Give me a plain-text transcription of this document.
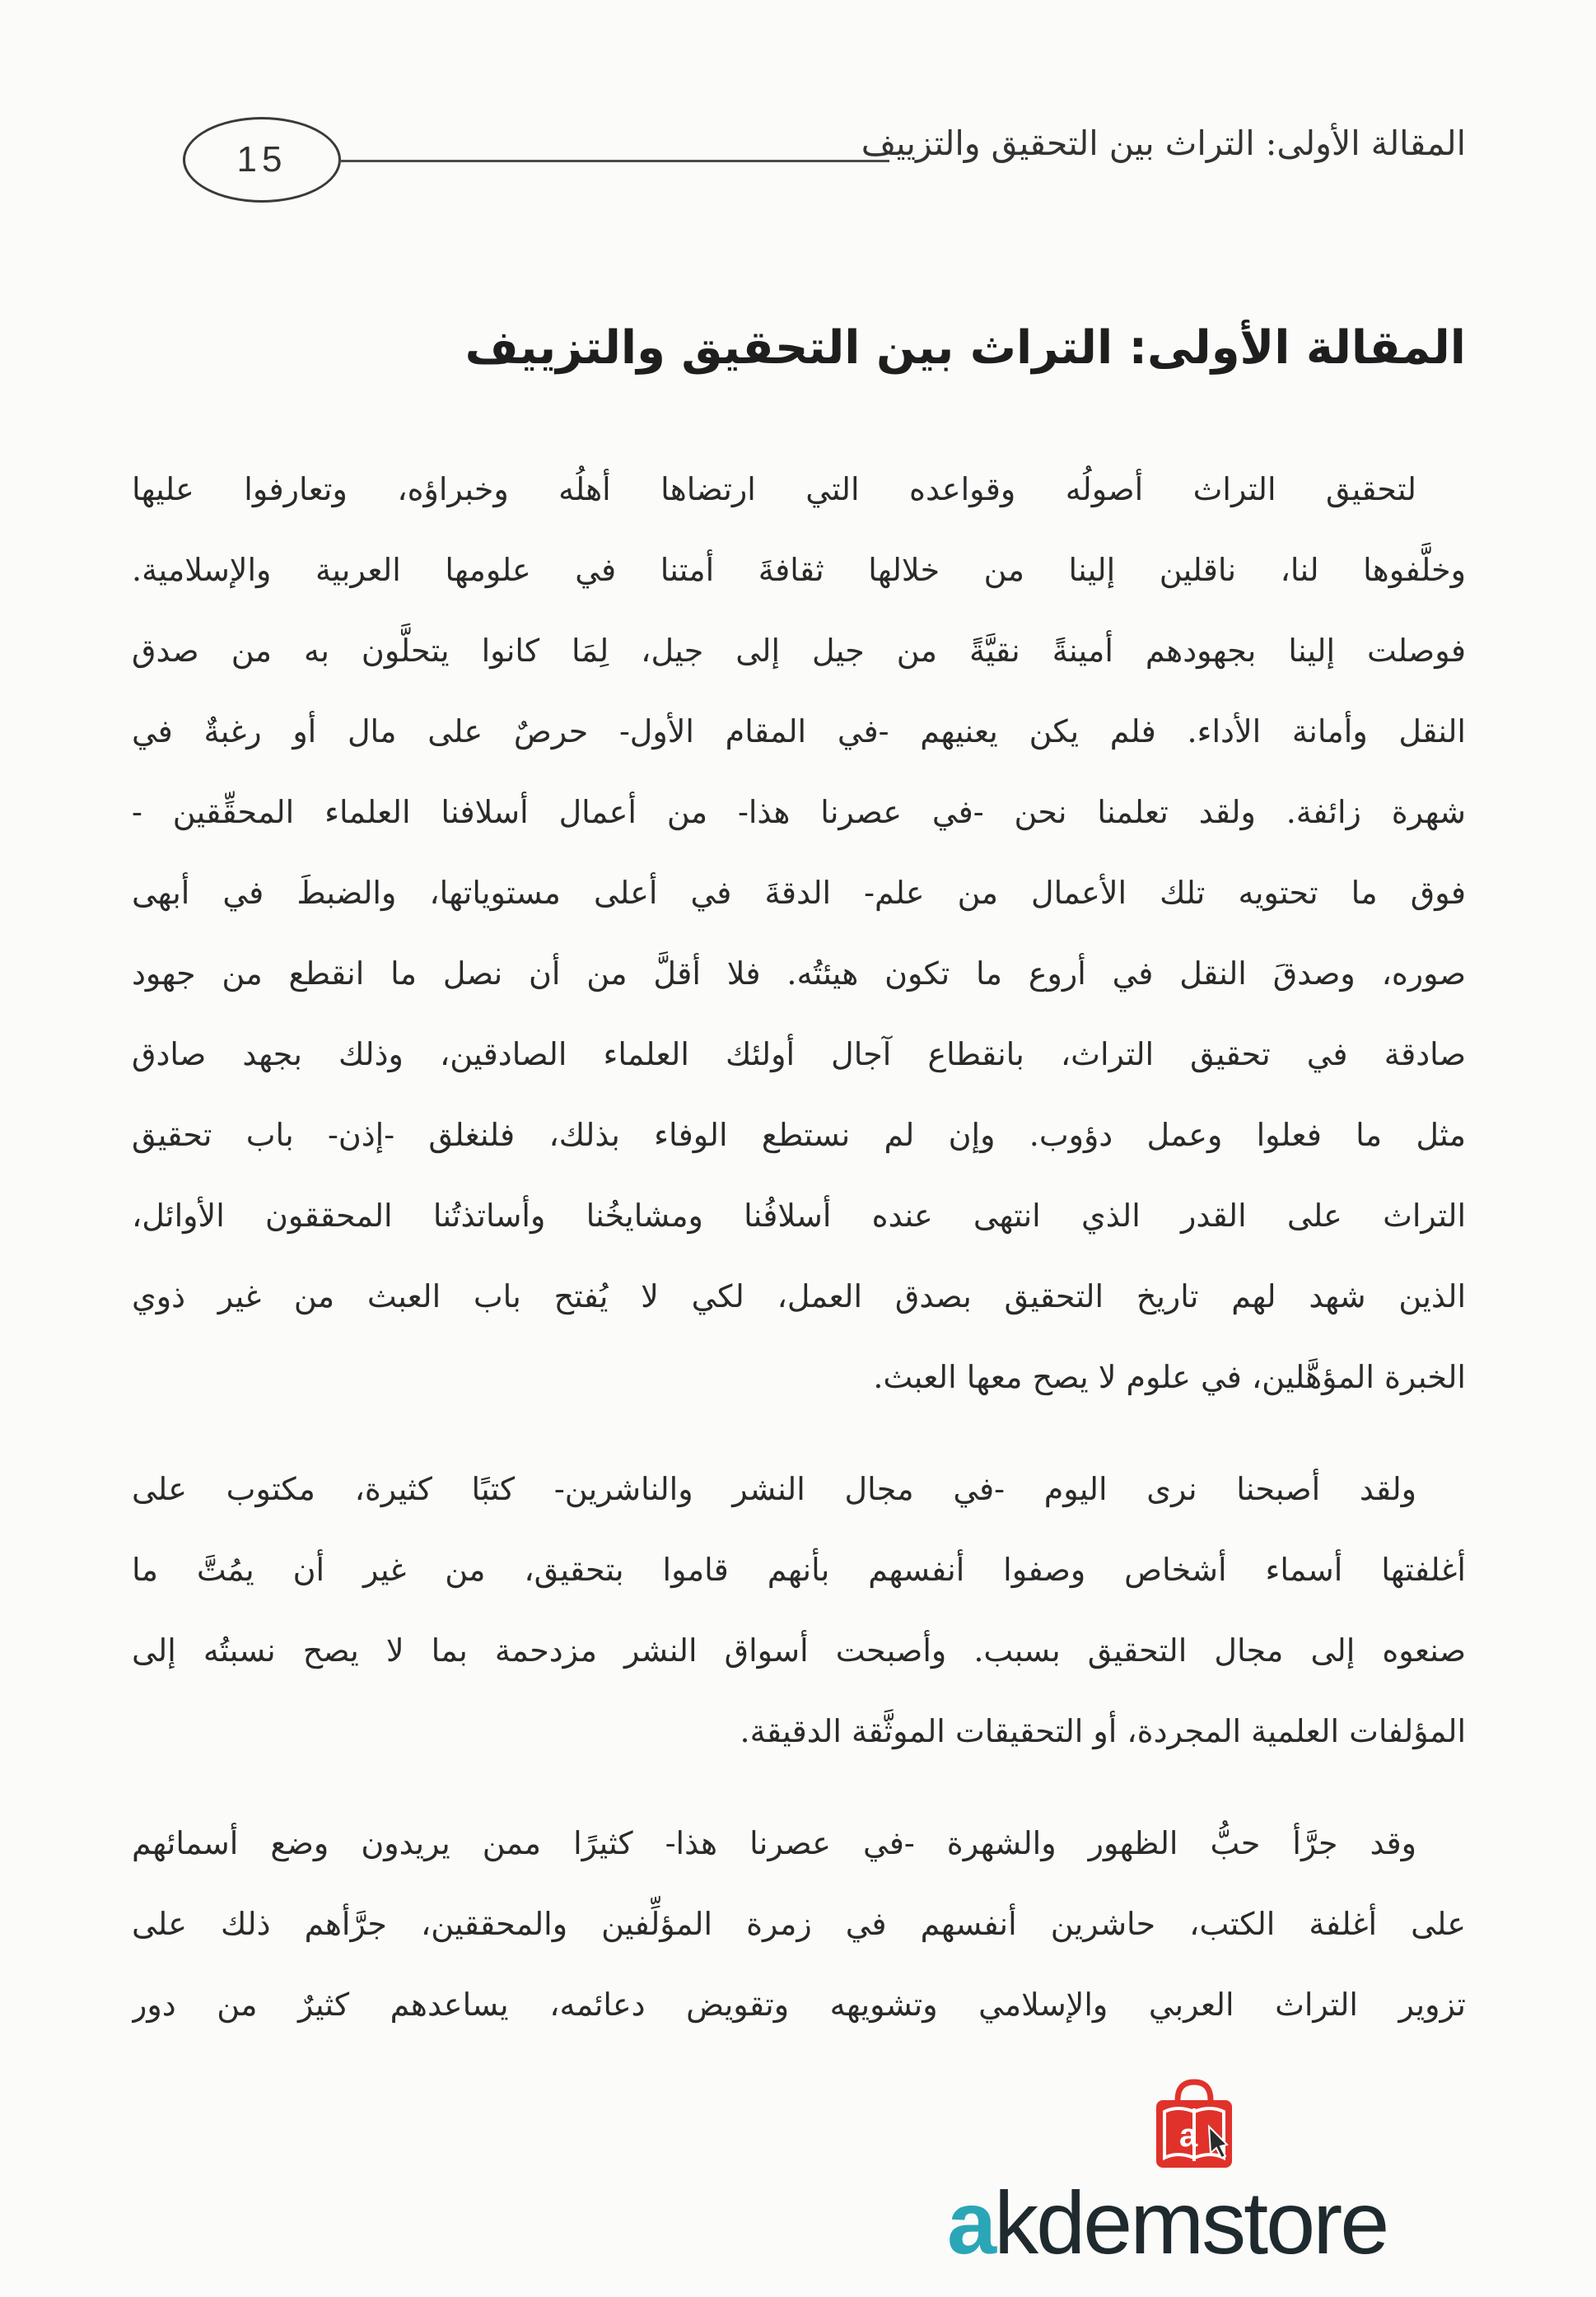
15	المقالة الأولى: التراث بين التحقيق والتزييف
المقالة الأولى: التراث بين التحقيق والتزييف
لتحقيق التراث أصولُه وقواعده التي ارتضاها أهلُه وخبراؤه، وتعارفوا عليها
وخلَّفوها لنا، ناقلين إلينا من خلالها ثقافةَ أمتنا في علومها العربية والإسلامية.
فوصلت إلينا بجهودهم أمينةً نقيَّةً من جيل إلى جيل، لِمَا كانوا يتحلَّون به من صدق
النقل وأمانة الأداء. فلم يكن يعنيهم -في المقام الأول- حرصٌ على مال أو رغبةٌ في
شهرة زائفة. ولقد تعلمنا نحن -في عصرنا هذا- من أعمال أسلافنا العلماء المحقِّقين -
فوق ما تحتويه تلك الأعمال من علم- الدقةَ في أعلى مستوياتها، والضبطَ في أبهى
صوره، وصدقَ النقل في أروع ما تكون هيئتُه. فلا أقلَّ من أن نصل ما انقطع من جهود
صادقة في تحقيق التراث، بانقطاع آجال أولئك العلماء الصادقين، وذلك بجهد صادق
مثل ما فعلوا وعمل دؤوب. وإن لم نستطع الوفاء بذلك، فلنغلق -إذن- باب تحقيق
التراث على القدر الذي انتهى عنده أسلافُنا ومشايخُنا وأساتذتُنا المحققون الأوائل،
الذين شهد لهم تاريخ التحقيق بصدق العمل، لكي لا يُفتح باب العبث من غير ذوي
الخبرة المؤهَّلين، في علوم لا يصح معها العبث.
ولقد أصبحنا نرى اليوم -في مجال النشر والناشرين- كتبًا كثيرة، مكتوب على
أغلفتها أسماء أشخاص وصفوا أنفسهم بأنهم قاموا بتحقيق، من غير أن يمُتَّ ما
صنعوه إلى مجال التحقيق بسبب. وأصبحت أسواق النشر مزدحمة بما لا يصح نسبتُه إلى
المؤلفات العلمية المجردة، أو التحقيقات الموثَّقة الدقيقة.
وقد جرَّأ حبُّ الظهور والشهرة -في عصرنا هذا- كثيرًا ممن يريدون وضع أسمائهم
على أغلفة الكتب، حاشرين أنفسهم في زمرة المؤلِّفين والمحققين، جرَّأهم ذلك على
تزوير التراث العربي والإسلامي وتشويهه وتقويض دعائمه، يساعدهم كثيرٌ من دور
a
akdemstore
